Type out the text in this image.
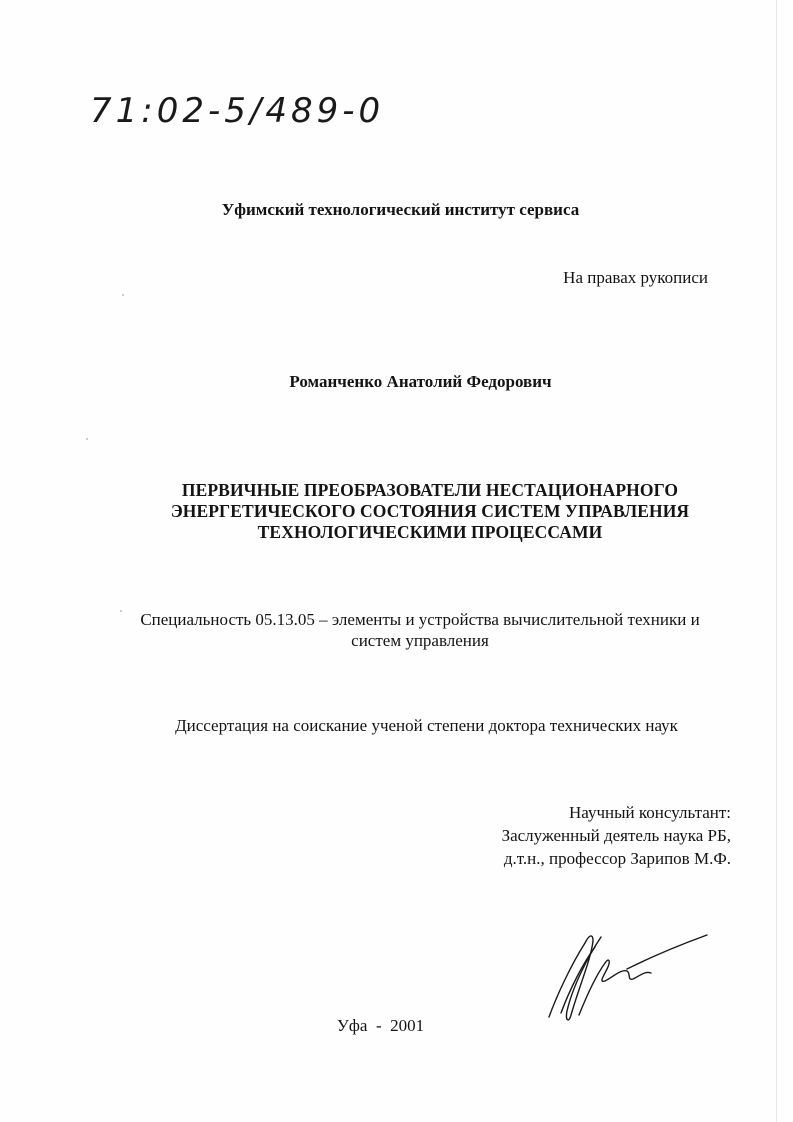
71:02-5/489-0
Уфимский технологический институт сервиса
На правах рукописи
Романченко Анатолий Федорович
ПЕРВИЧНЫЕ ПРЕОБРАЗОВАТЕЛИ НЕСТАЦИОНАРНОГО
ЭНЕРГЕТИЧЕСКОГО СОСТОЯНИЯ СИСТЕМ УПРАВЛЕНИЯ
ТЕХНОЛОГИЧЕСКИМИ ПРОЦЕССАМИ
Специальность 05.13.05 – элементы и устройства вычислительной техники и
систем управления
Диссертация на соискание ученой степени доктора технических наук
Научный консультант:
Заслуженный деятель наука РБ,
д.т.н., профессор Зарипов М.Ф.
Уфа  -  2001
